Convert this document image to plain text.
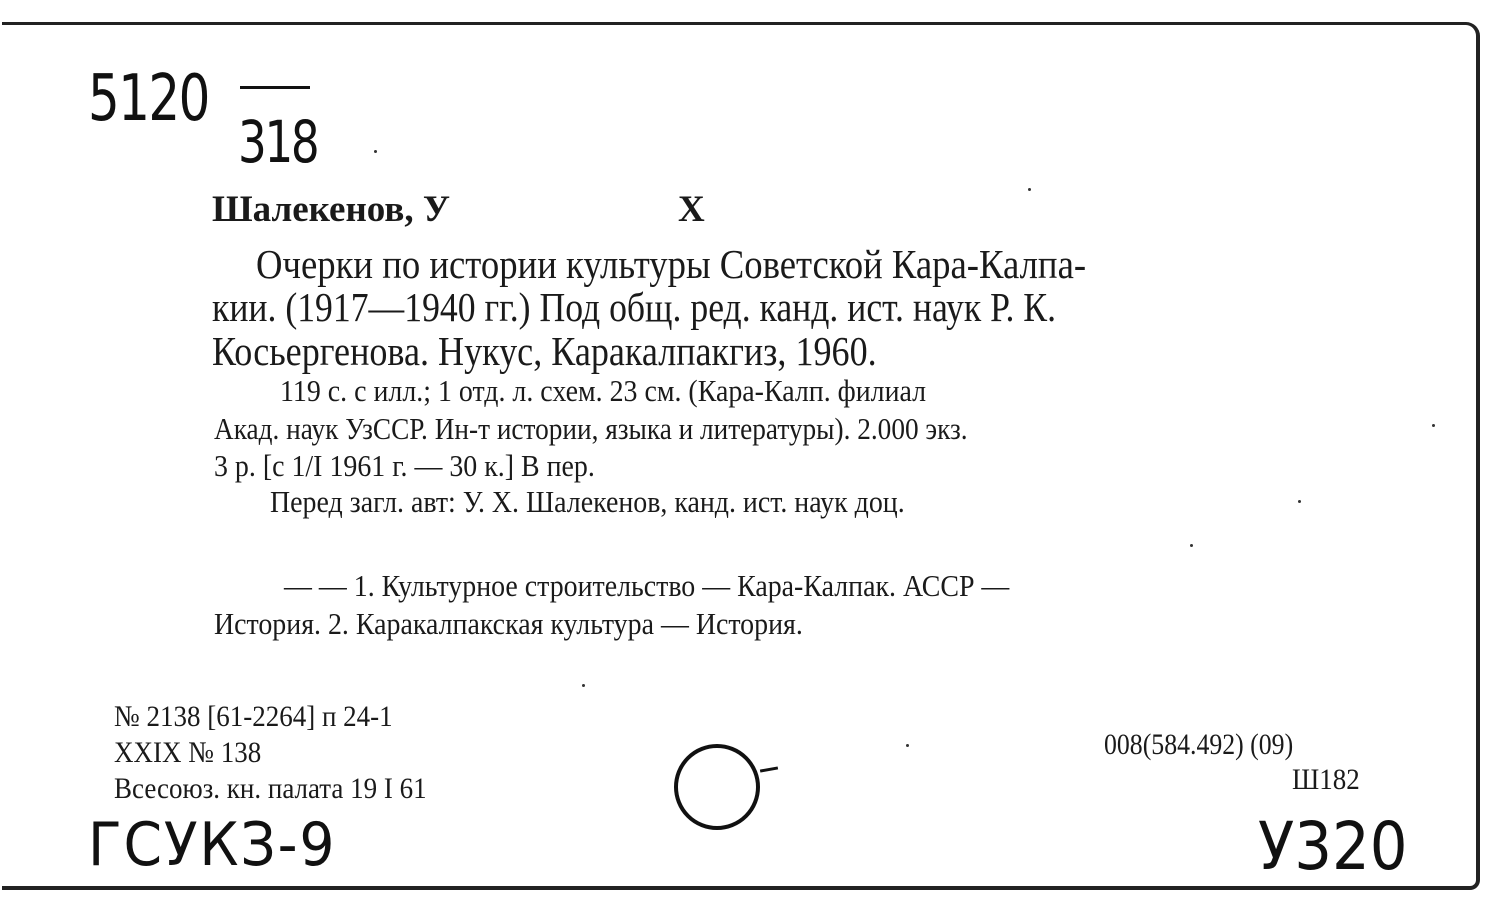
5120
318
Шалекенов, У	Х
Очерки по истории культуры Советской Кара-Калпа-
кии. (1917—1940 гг.) Под общ. ред. канд. ист. наук Р. К.
Косьергенова. Нукус, Каракалпакгиз, 1960.
119 с. с илл.; 1 отд. л. схем. 23 см. (Кара-Калп. филиал
Акад. наук УзССР. Ин-т истории, языка и литературы). 2.000 экз.
3 р. [с 1/I 1961 г. — 30 к.] В пер.
Перед загл. авт: У. Х. Шалекенов, канд. ист. наук доц.
— — 1. Культурное строительство — Кара-Калпак. АССР —
История. 2. Каракалпакская культура — История.
№ 2138 [61-2264] п 24-1
XXIX № 138
Всесоюз. кн. палата 19 I 61
008(584.492) (09)
Ш182
ГСУКЗ-9	У320
